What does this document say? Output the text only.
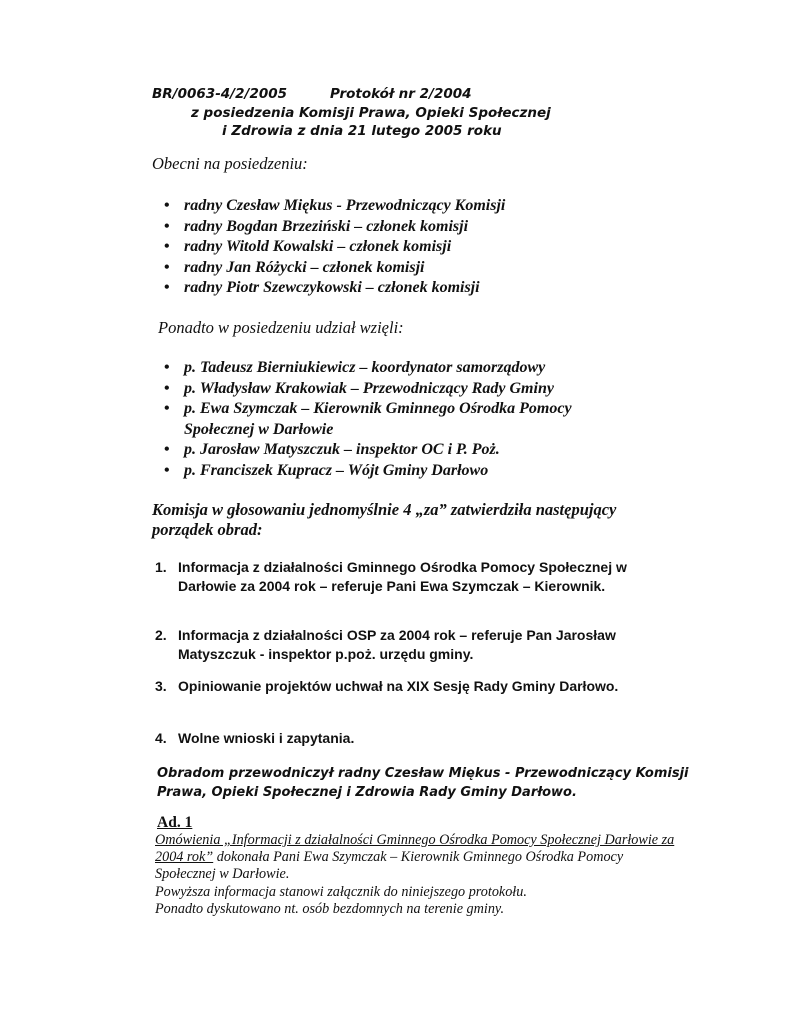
BR/0063-4/2/2005	Protokół nr 2/2004
z posiedzenia Komisji Prawa, Opieki Społecznej
i Zdrowia z dnia 21 lutego 2005 roku
Obecni na posiedzeniu:
• radny Czesław Miękus - Przewodniczący Komisji
• radny Bogdan Brzeziński – członek komisji
• radny Witold Kowalski – członek komisji
• radny Jan Różycki – członek komisji
• radny Piotr Szewczykowski – członek komisji
Ponadto w posiedzeniu udział wzięli:
• p. Tadeusz Bierniukiewicz – koordynator samorządowy
• p. Władysław Krakowiak – Przewodniczący Rady Gminy
• p. Ewa Szymczak – Kierownik Gminnego Ośrodka Pomocy Społecznej w Darłowie
• p. Jarosław Matyszczuk – inspektor OC i P. Poż.
• p. Franciszek Kupracz – Wójt Gminy Darłowo
Komisja w głosowaniu jednomyślnie 4 „za” zatwierdziła następujący porządek obrad:
1. Informacja z działalności Gminnego Ośrodka Pomocy Społecznej w Darłowie za 2004 rok – referuje Pani Ewa Szymczak – Kierownik.
2. Informacja z działalności OSP za 2004 rok – referuje Pan Jarosław Matyszczuk - inspektor p.poż. urzędu gminy.
3. Opiniowanie projektów uchwał na XIX Sesję Rady Gminy Darłowo.
4. Wolne wnioski i zapytania.
Obradom przewodniczył radny Czesław Miękus - Przewodniczący Komisji Prawa, Opieki Społecznej i Zdrowia Rady Gminy Darłowo.
Ad. 1
Omówienia „Informacji z działalności Gminnego Ośrodka Pomocy Społecznej Darłowie za 2004 rok” dokonała Pani Ewa Szymczak – Kierownik Gminnego Ośrodka Pomocy Społecznej w Darłowie.
Powyższa informacja stanowi załącznik do niniejszego protokołu.
Ponadto dyskutowano nt. osób bezdomnych na terenie gminy.
